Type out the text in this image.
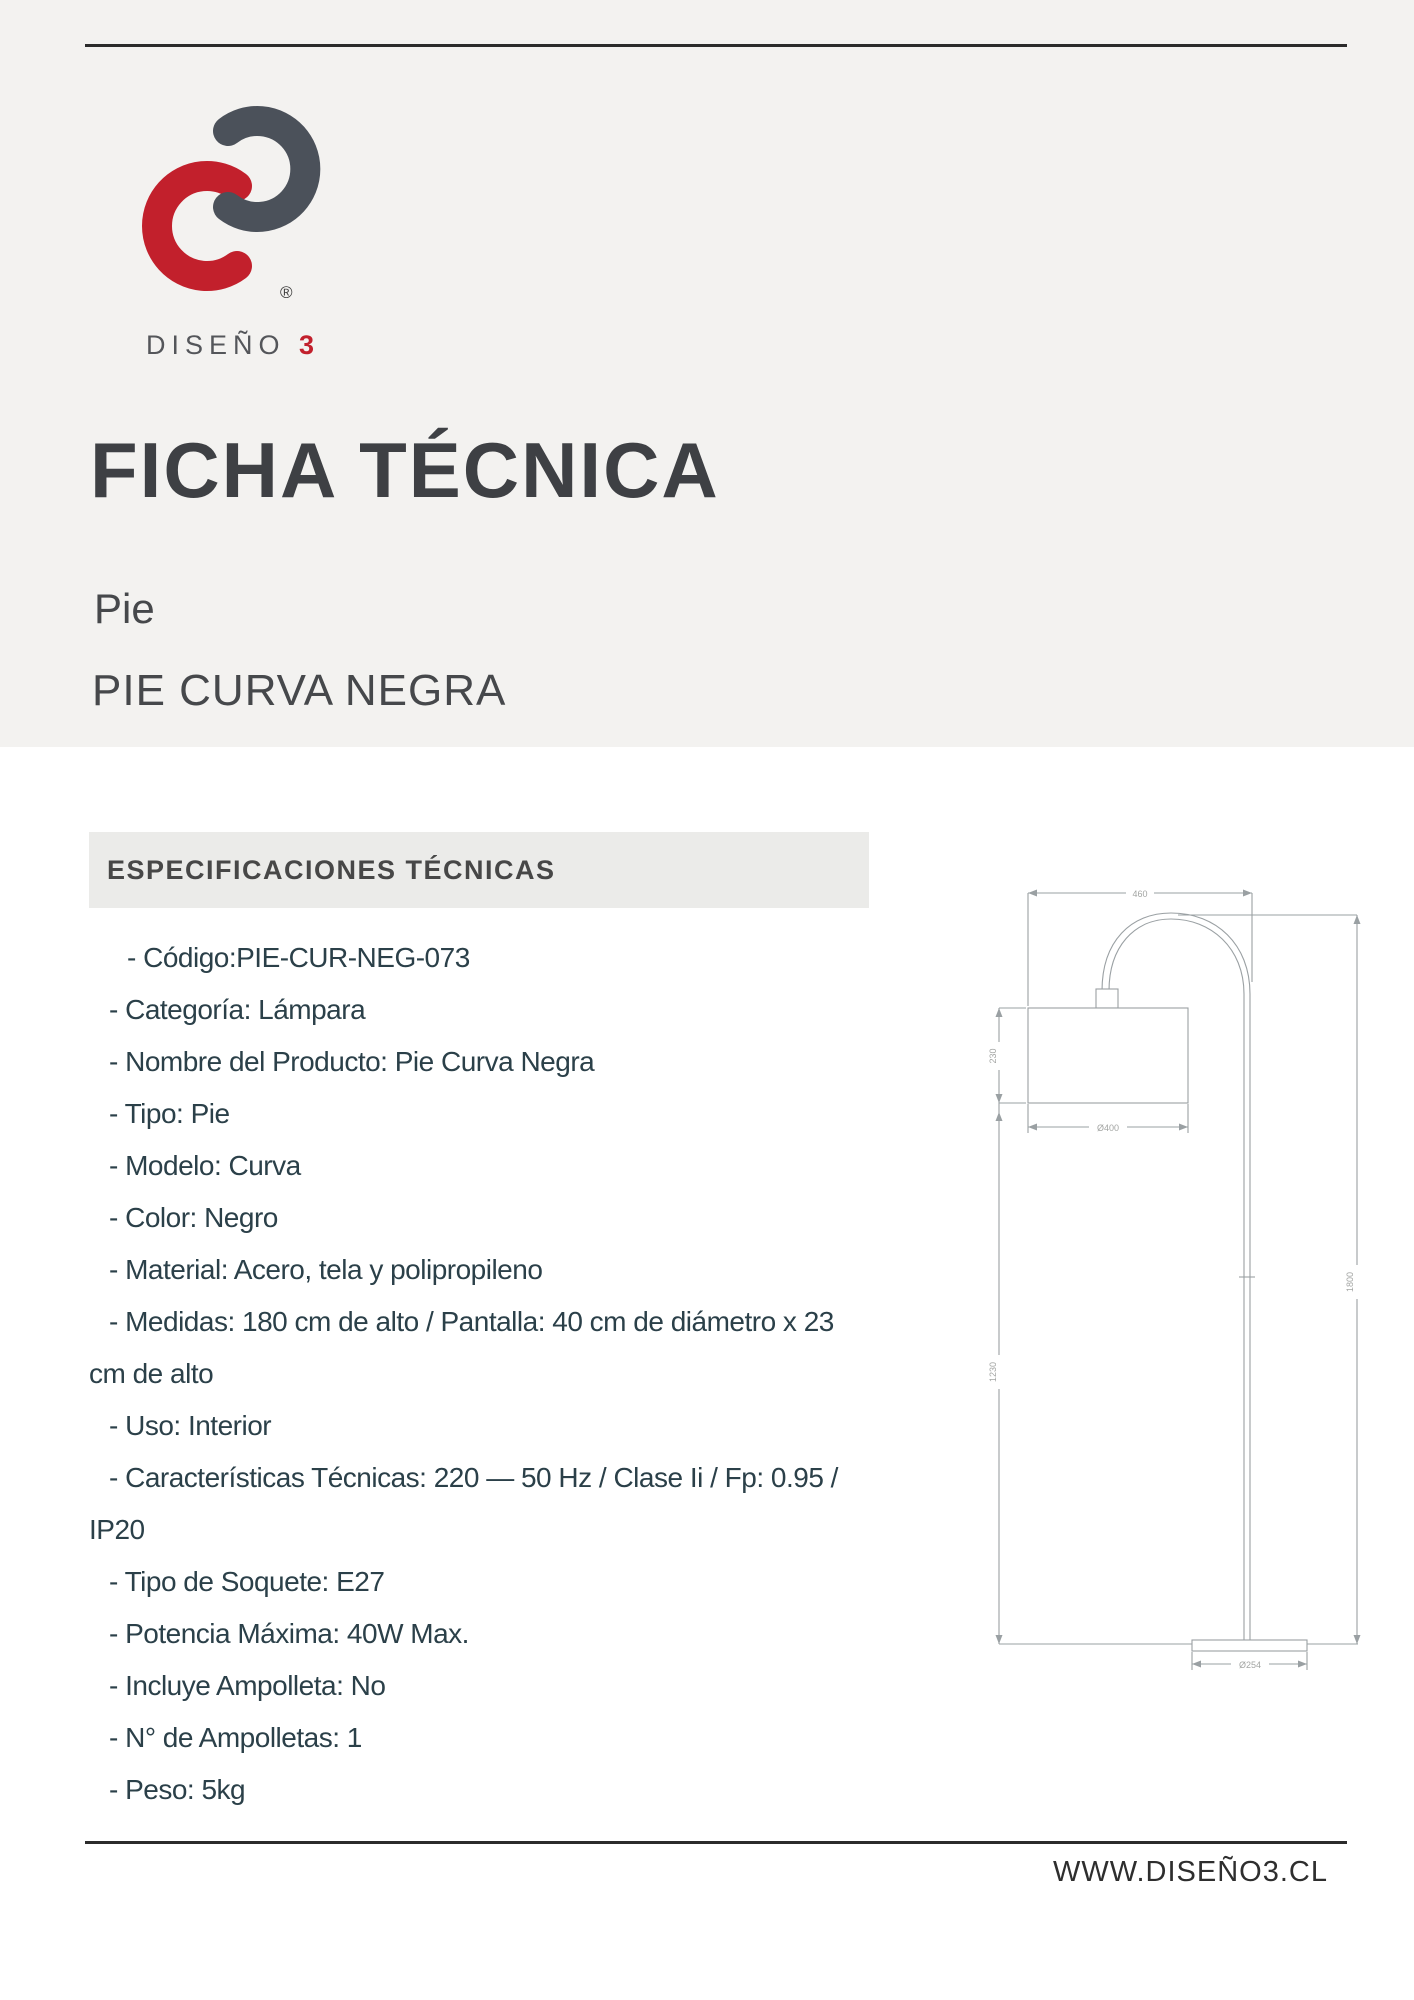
®
DISEÑO 3
FICHA TÉCNICA
Pie
PIE CURVA NEGRA
ESPECIFICACIONES TÉCNICAS
- Código:PIE-CUR-NEG-073
- Categoría: Lámpara
- Nombre del Producto: Pie Curva Negra
- Tipo: Pie
- Modelo: Curva
- Color: Negro
- Material: Acero, tela y polipropileno
- Medidas: 180 cm de alto / Pantalla: 40 cm de diámetro x 23
cm de alto
- Uso: Interior
- Características Técnicas: 220 — 50 Hz / Clase Ii / Fp: 0.95 /
IP20
- Tipo de Soquete: E27
- Potencia Máxima: 40W Max.
- Incluye Ampolleta: No
- N° de Ampolletas: 1
- Peso: 5kg
460
230
Ø400
1230
1800
Ø254
WWW.DISEÑO3.CL
